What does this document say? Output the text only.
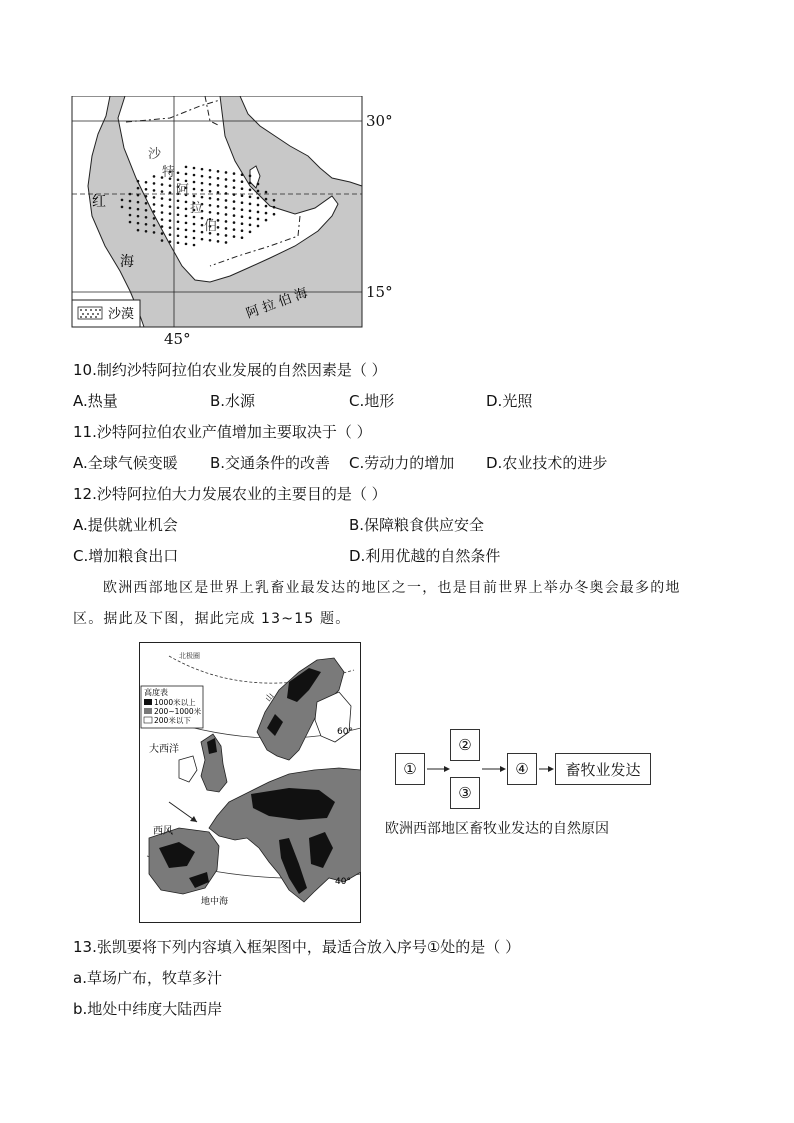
红
海
沙
特
阿
拉
伯
阿 拉 伯 海
沙漠
30°
15°
45°
10.制约沙特阿拉伯农业发展的自然因素是（ ）
A.热量	B.水源	C.地形	D.光照
11.沙特阿拉伯农业产值增加主要取决于（ ）
A.全球气候变暖 B.交通条件的改善 C.劳动力的增加 D.农业技术的进步
12.沙特阿拉伯大力发展农业的主要目的是（ ）
A.提供就业机会	B.保障粮食供应安全
C.增加粮食出口	D.利用优越的自然条件
欧洲西部地区是世界上乳畜业最发达的地区之一，也是目前世界上举办冬奥会最多的地
区。据此及下图，据此完成 13~15 题。
高度表
1000米以上
200~1000米
200米以下
北极圈
山
大西洋
西风
地中海
60°
40°
①
②
③
④	畜牧业发达
欧洲西部地区畜牧业发达的自然原因
13.张凯要将下列内容填入框架图中，最适合放入序号①处的是（ ）
a.草场广布，牧草多汁
b.地处中纬度大陆西岸
